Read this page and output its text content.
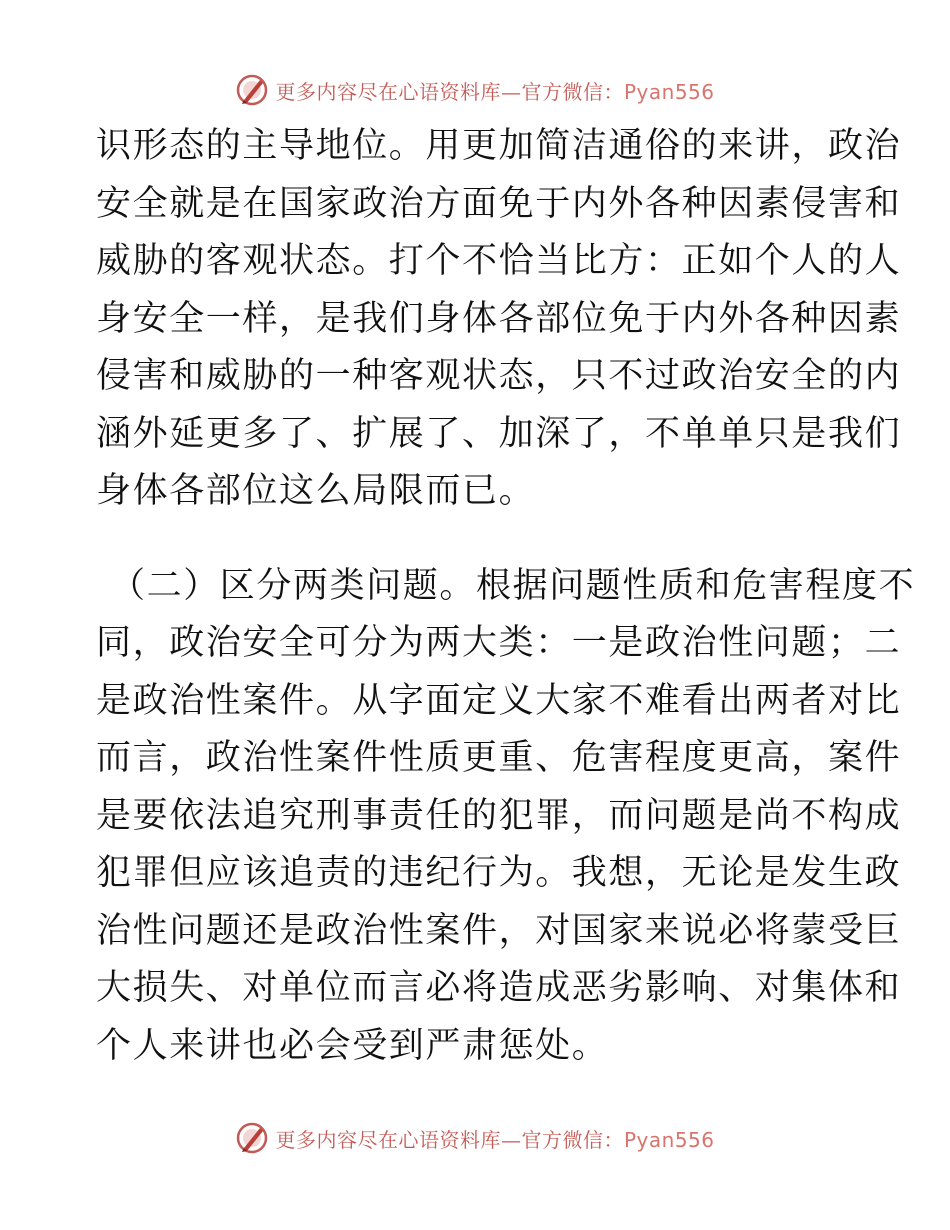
更多内容尽在心语资料库—官方微信：Pyan556
识形态的主导地位。用更加简洁通俗的来讲，政治
安全就是在国家政治方面免于内外各种因素侵害和
威胁的客观状态。打个不恰当比方：正如个人的人
身安全一样，是我们身体各部位免于内外各种因素
侵害和威胁的一种客观状态，只不过政治安全的内
涵外延更多了、扩展了、加深了，不单单只是我们
身体各部位这么局限而已。
（二）区分两类问题。根据问题性质和危害程度不
同，政治安全可分为两大类：一是政治性问题；二
是政治性案件。从字面定义大家不难看出两者对比
而言，政治性案件性质更重、危害程度更高，案件
是要依法追究刑事责任的犯罪，而问题是尚不构成
犯罪但应该追责的违纪行为。我想，无论是发生政
治性问题还是政治性案件，对国家来说必将蒙受巨
大损失、对单位而言必将造成恶劣影响、对集体和
个人来讲也必会受到严肃惩处。
更多内容尽在心语资料库—官方微信：Pyan556
